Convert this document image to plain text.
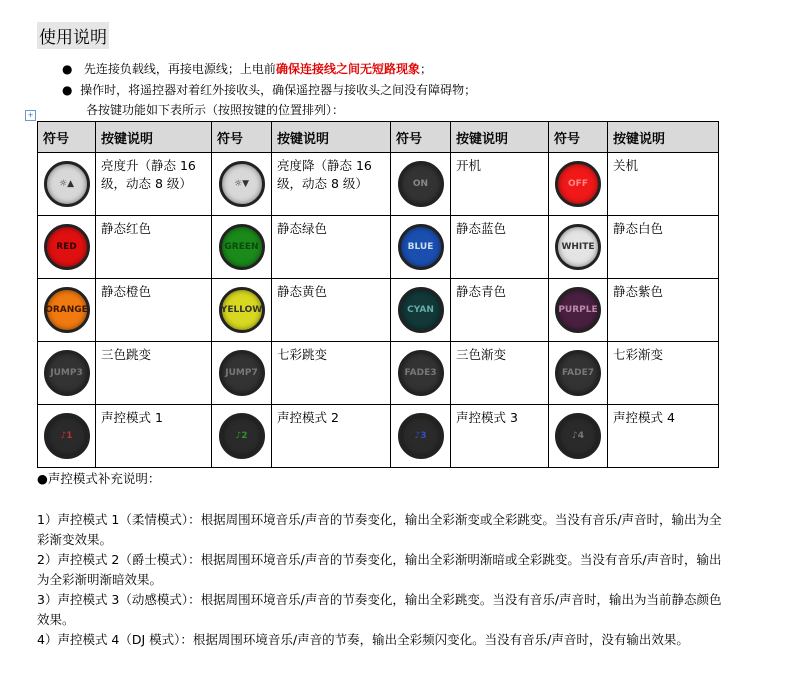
使用说明
●   先连接负载线，再接电源线；上电前确保连接线之间无短路现象；
●  操作时，将遥控器对着红外接收头，确保遥控器与接收头之间没有障碍物；
各按键功能如下表所示（按照按键的位置排列）：
+
符号	按键说明	符号	按键说明	符号	按键说明	符号	按键说明

☼▲	亮度升（静态 16 级，动态 8 级）	☼▼	亮度降（静态 16 级，动态 8 级）	ON	开机	OFF	关机

RED	静态红色	GREEN	静态绿色	BLUE	静态蓝色	WHITE	静态白色

ORANGE	静态橙色	YELLOW	静态黄色	CYAN	静态青色	PURPLE	静态紫色

JUMP3	三色跳变	JUMP7	七彩跳变	FADE3	三色渐变	FADE7	七彩渐变

♪1	声控模式 1	♪2	声控模式 2	♪3	声控模式 3	♪4	声控模式 4
●声控模式补充说明：
1）声控模式 1（柔情模式）：根据周围环境音乐/声音的节奏变化，输出全彩渐变或全彩跳变。当没有音乐/声音时，输出为全彩渐变效果。
2）声控模式 2（爵士模式）：根据周围环境音乐/声音的节奏变化，输出全彩渐明渐暗或全彩跳变。当没有音乐/声音时，输出为全彩渐明渐暗效果。
3）声控模式 3（动感模式）：根据周围环境音乐/声音的节奏变化，输出全彩跳变。当没有音乐/声音时，输出为当前静态颜色效果。
4）声控模式 4（DJ 模式）：根据周围环境音乐/声音的节奏，输出全彩频闪变化。当没有音乐/声音时，没有输出效果。
